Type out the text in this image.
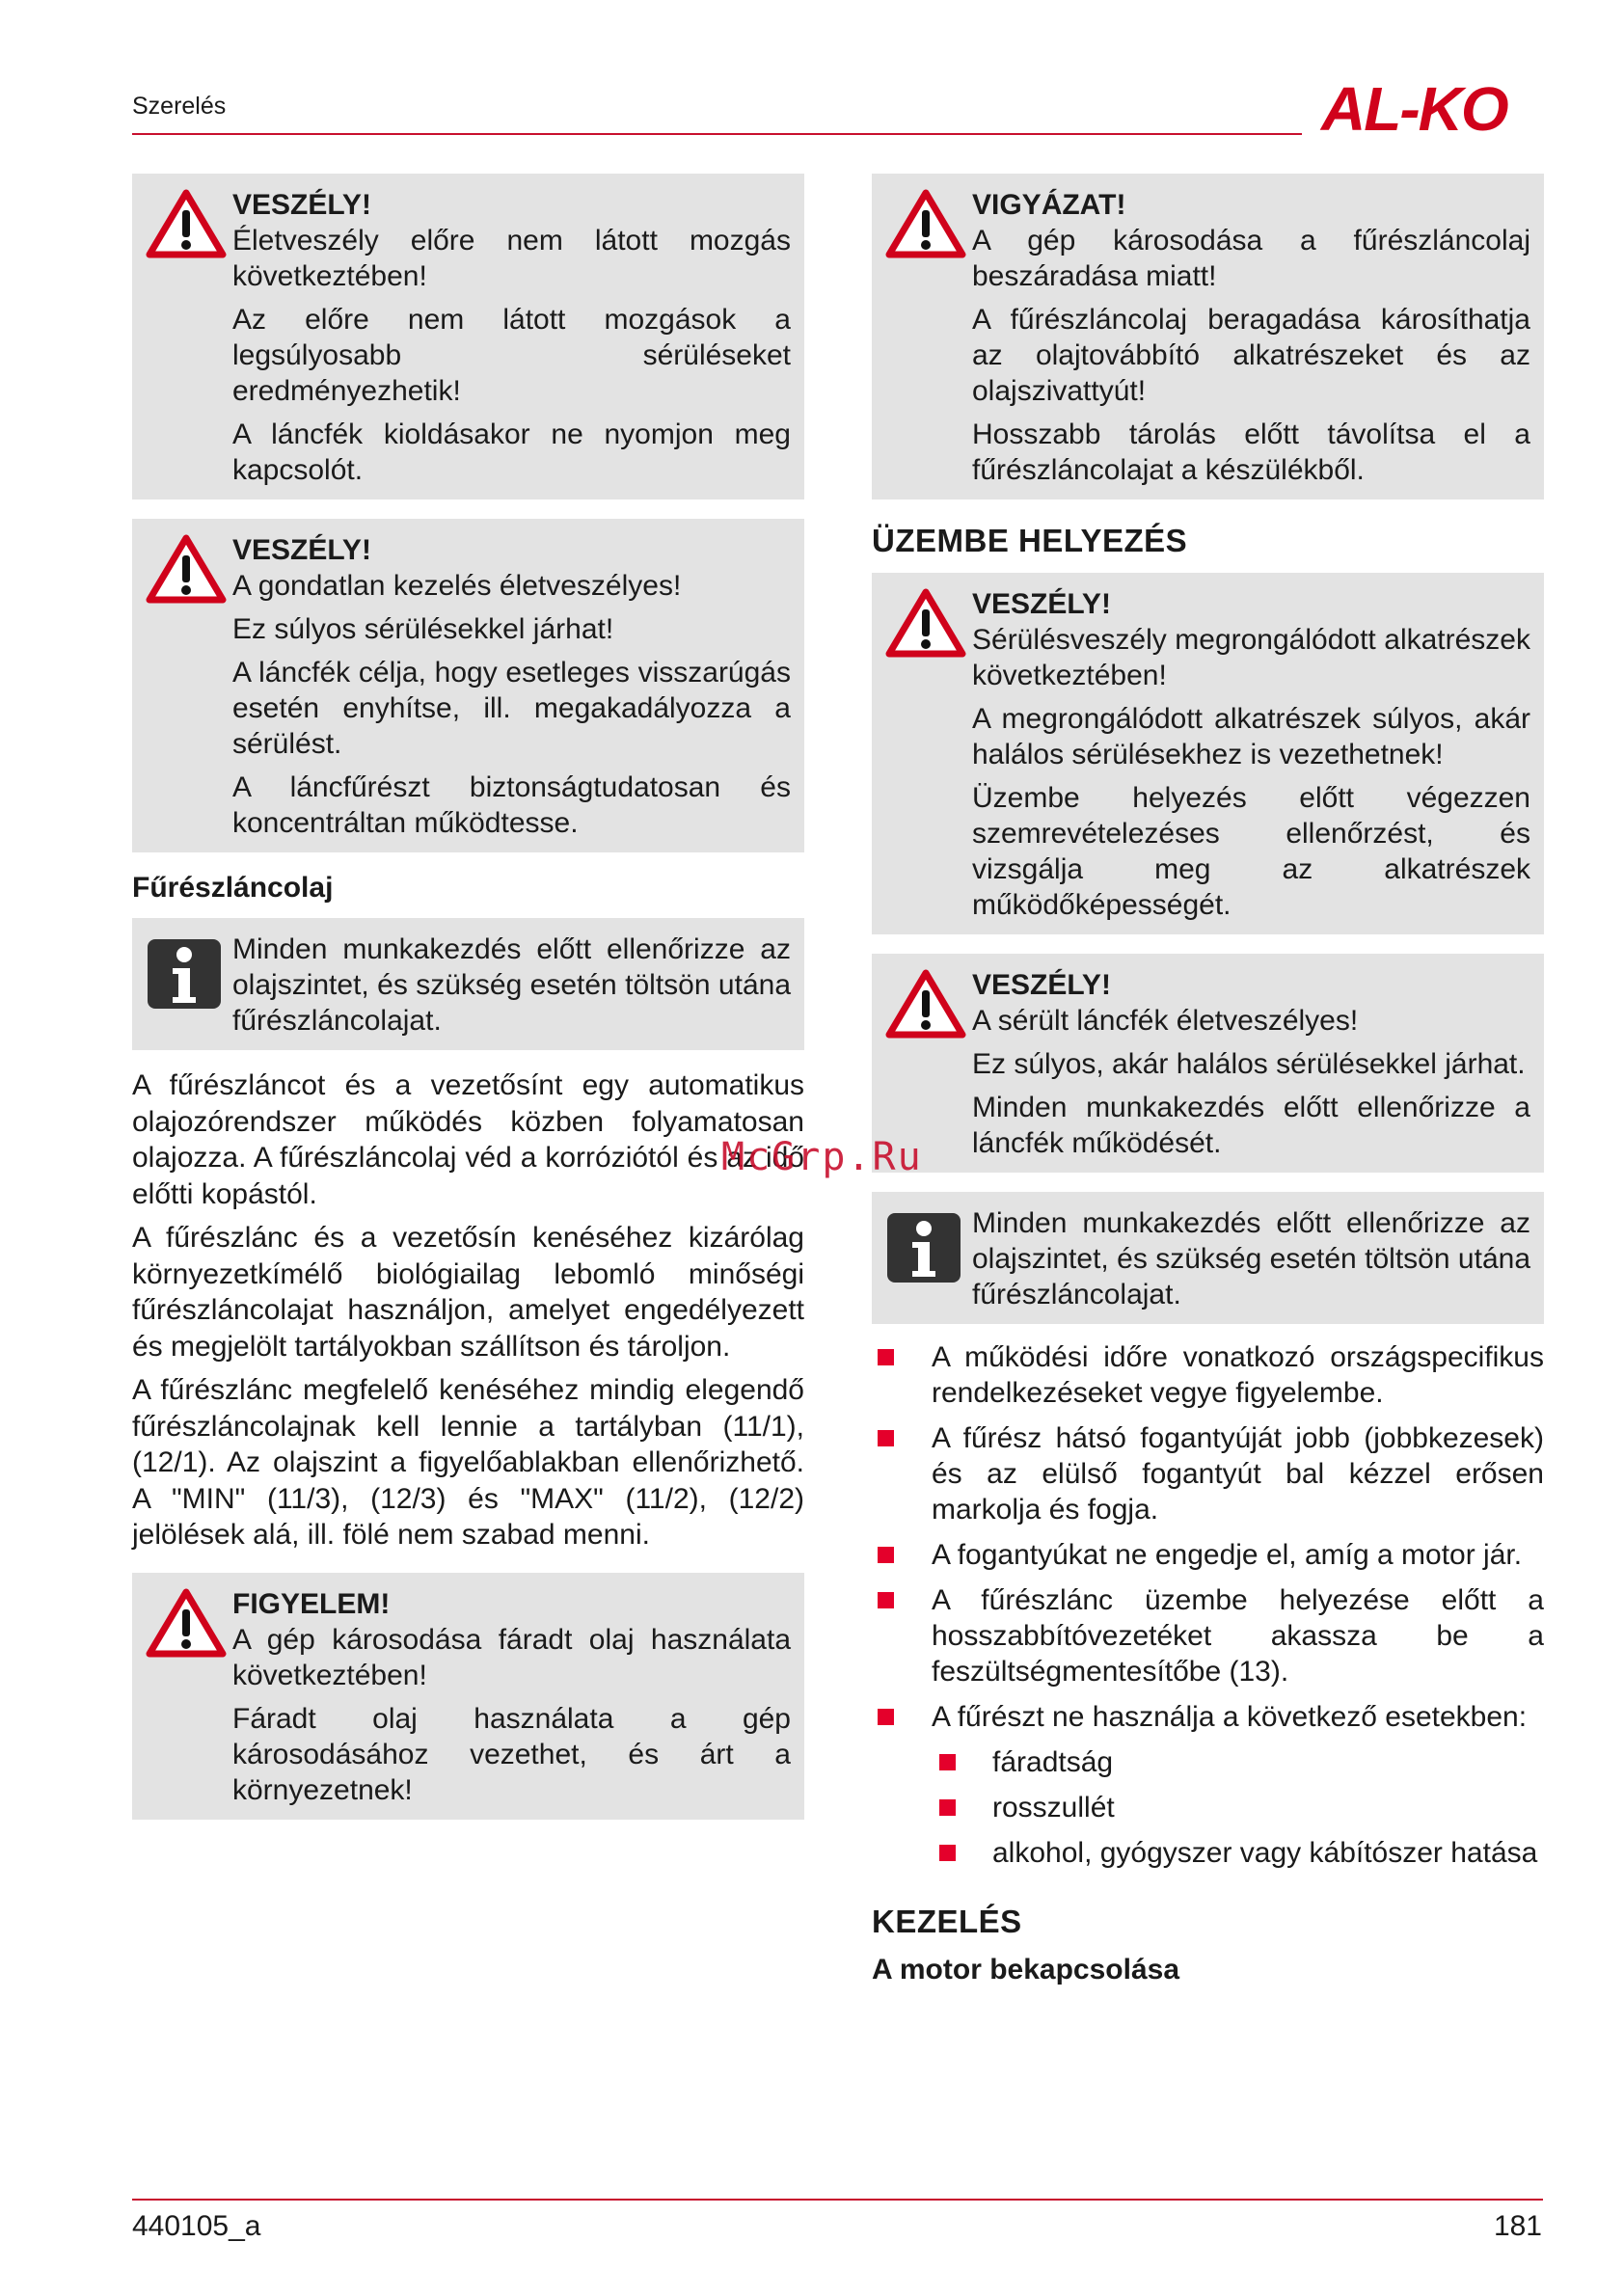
Szerelés	AL-KO
VESZÉLY!

Életveszély előre nem látott mozgás következtében!

Az előre nem látott mozgások a legsúlyosabb sérüléseket eredményezhetik!

A láncfék kioldásakor ne nyomjon meg kapcsolót.

VESZÉLY!

A gondatlan kezelés életveszélyes!

Ez súlyos sérülésekkel járhat!

A láncfék célja, hogy esetleges visszarúgás esetén enyhítse, ill. megakadályozza a sérülést.

A láncfűrészt biztonságtudatosan és koncentráltan működtesse.

Fűrészláncolaj

Minden munkakezdés előtt ellenőrizze az olajszintet, és szükség esetén töltsön utána fűrészláncolajat.

A fűrészláncot és a vezetősínt egy automatikus olajozórendszer működés közben folyamatosan olajozza. A fűrészláncolaj véd a korróziótól és az idő előtti kopástól.

A fűrészlánc és a vezetősín kenéséhez kizárólag környezetkímélő biológiailag lebomló minőségi fűrészláncolajat használjon, amelyet engedélyezett és megjelölt tartályokban szállítson és tároljon.

A fűrészlánc megfelelő kenéséhez mindig elegendő fűrészláncolajnak kell lennie a tartályban (11/1), (12/1). Az olajszint a figyelőablakban ellenőrizhető. A "MIN" (11/3), (12/3) és "MAX" (11/2), (12/2) jelölések alá, ill. fölé nem szabad menni.

FIGYELEM!

A gép károsodása fáradt olaj használata következtében!

Fáradt olaj használata a gép károsodásához vezethet, és árt a környezetnek!

VIGYÁZAT!

A gép károsodása a fűrészláncolaj beszáradása miatt!

A fűrészláncolaj beragadása károsíthatja az olajtovábbító alkatrészeket és az olajszivattyút!

Hosszabb tárolás előtt távolítsa el a fűrészláncolajat a készülékből.

ÜZEMBE HELYEZÉS
VESZÉLY!

Sérülésveszély megrongálódott alkatrészek következtében!

A megrongálódott alkatrészek súlyos, akár halálos sérülésekhez is vezethetnek!

Üzembe helyezés előtt végezzen szemrevételezéses ellenőrzést, és vizsgálja meg az alkatrészek működőképességét.

VESZÉLY!

A sérült láncfék életveszélyes!

Ez súlyos, akár halálos sérülésekkel járhat.

Minden munkakezdés előtt ellenőrizze a láncfék működését.

Minden munkakezdés előtt ellenőrizze az olajszintet, és szükség esetén töltsön utána fűrészláncolajat.

A működési időre vonatkozó országspecifikus rendelkezéseket vegye figyelembe.
A fűrész hátsó fogantyúját jobb (jobbkezesek) és az elülső fogantyút bal kézzel erősen markolja és fogja.
A fogantyúkat ne engedje el, amíg a motor jár.
A fűrészlánc üzembe helyezése előtt a hosszabbítóvezetéket akassza be a feszültségmentesítőbe (13).
A fűrészt ne használja a következő esetekben:
fáradtság
rosszullét
alkohol, gyógyszer vagy kábítószer hatása
KEZELÉS
A motor bekapcsolása
McGrp.Ru
440105_a	181
